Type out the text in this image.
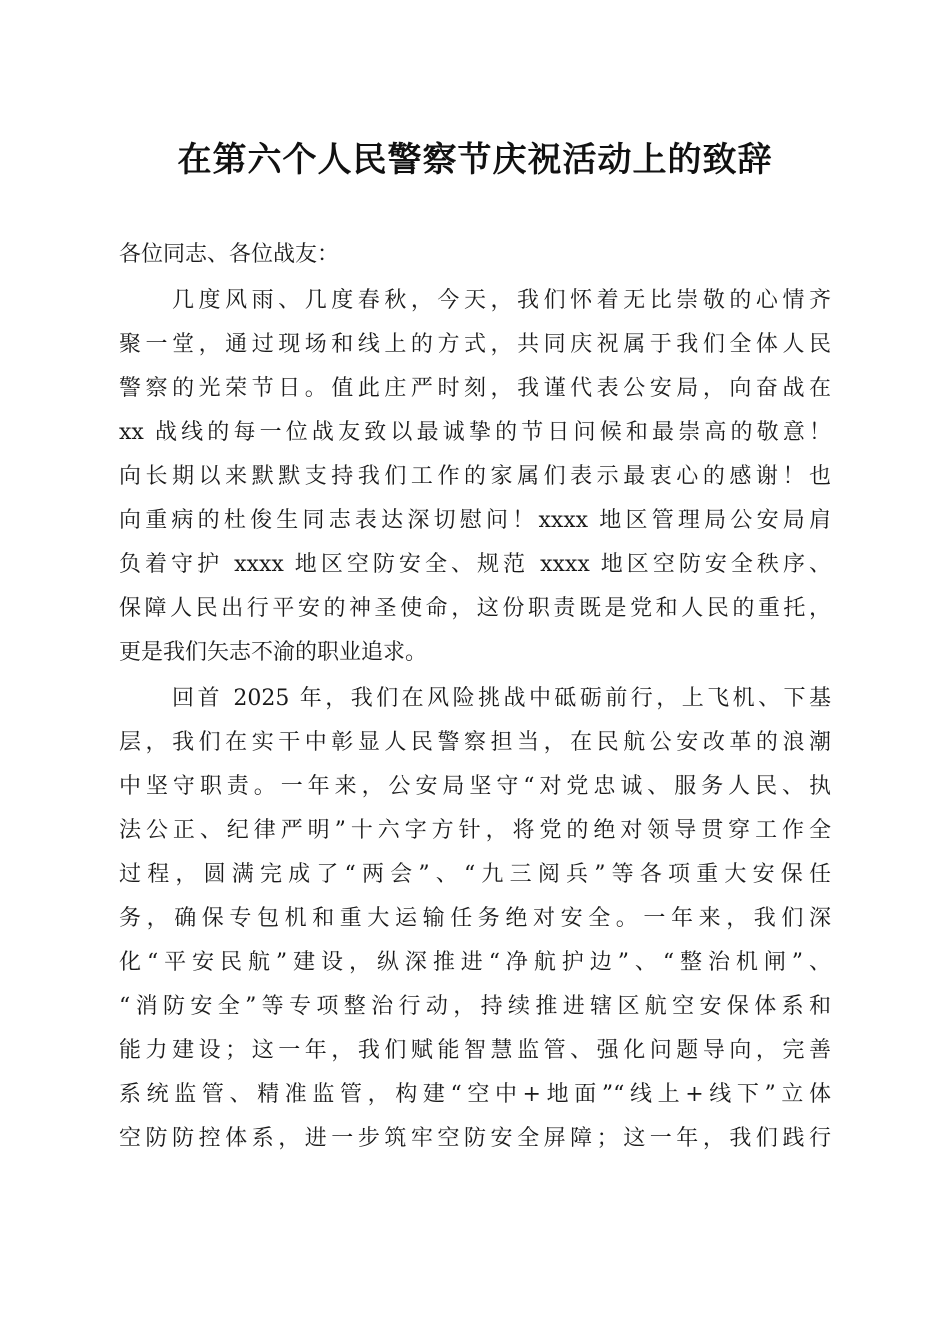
在第六个人民警察节庆祝活动上的致辞
各位同志、各位战友：
几度风雨、几度春秋，今天，我们怀着无比崇敬的心情齐
聚一堂，通过现场和线上的方式，共同庆祝属于我们全体人民
警察的光荣节日。值此庄严时刻，我谨代表公安局，向奋战在
xx 战线的每一位战友致以最诚挚的节日问候和最崇高的敬意！
向长期以来默默支持我们工作的家属们表示最衷心的感谢！也
向重病的杜俊生同志表达深切慰问！xxxx 地区管理局公安局肩
负着守护 xxxx 地区空防安全、规范 xxxx 地区空防安全秩序、
保障人民出行平安的神圣使命，这份职责既是党和人民的重托，
更是我们矢志不渝的职业追求。
回首 2025 年，我们在风险挑战中砥砺前行，上飞机、下基
层，我们在实干中彰显人民警察担当，在民航公安改革的浪潮
中坚守职责。一年来，公安局坚守“对党忠诚、服务人民、执
法公正、纪律严明”十六字方针，将党的绝对领导贯穿工作全
过程，圆满完成了“两会”、“九三阅兵”等各项重大安保任
务，确保专包机和重大运输任务绝对安全。一年来，我们深
化“平安民航”建设，纵深推进“净航护边”、“整治机闸”、
“消防安全”等专项整治行动，持续推进辖区航空安保体系和
能力建设；这一年，我们赋能智慧监管、强化问题导向，完善
系统监管、精准监管，构建“空中+地面”“线上+线下”立体
空防防控体系，进一步筑牢空防安全屏障；这一年，我们践行
